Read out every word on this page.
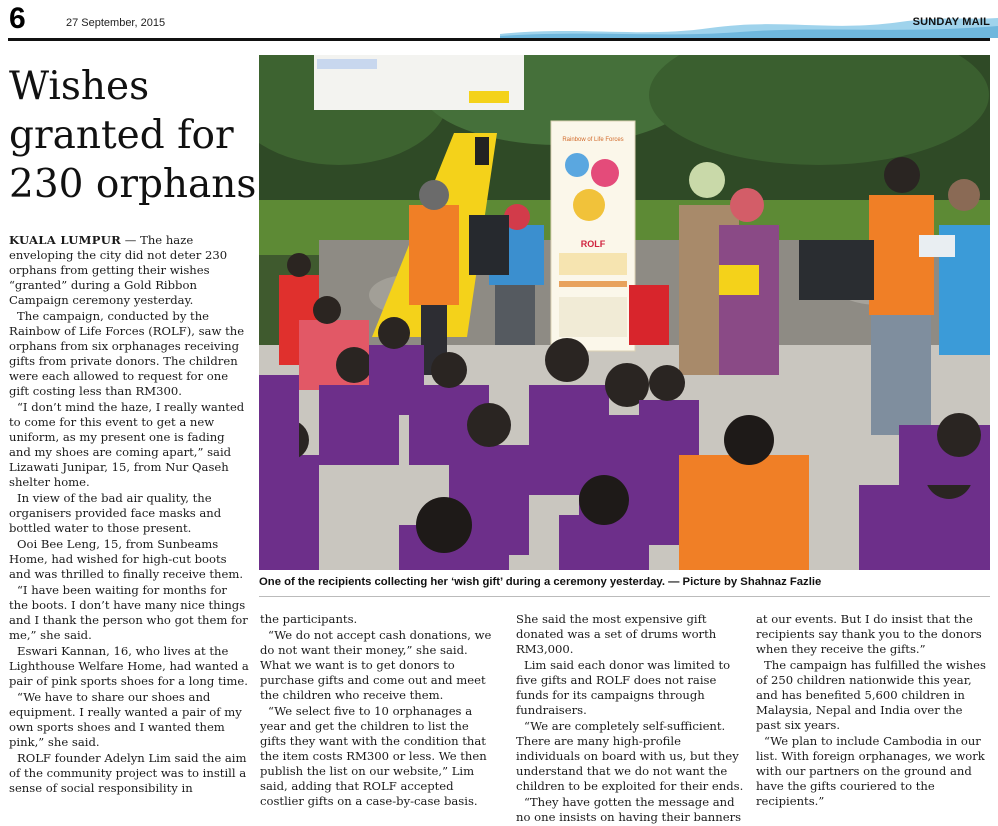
6	27 September, 2015	SUNDAY MAIL
Wishes
granted for
230 orphans

KUALA LUMPUR — The haze enveloping the city did not deter 230 orphans from getting their wishes “granted” during a Gold Ribbon Campaign ceremony yesterday.

The campaign, conducted by the Rainbow of Life Forces (ROLF), saw the orphans from six orphanages receiving gifts from private donors. The children were each allowed to request for one gift costing less than RM300.

“I don’t mind the haze, I really wanted to come for this event to get a new uniform, as my present one is fading and my shoes are coming apart,” said Lizawati Junipar, 15, from Nur Qaseh shelter home.

In view of the bad air quality, the organisers provided face masks and bottled water to those present.

Ooi Bee Leng, 15, from Sunbeams Home, had wished for high-cut boots and was thrilled to finally receive them.

“I have been waiting for months for the boots. I don’t have many nice things and I thank the person who got them for me,” she said.

Eswari Kannan, 16, who lives at the Lighthouse Welfare Home, had wanted a pair of pink sports shoes for a long time.

“We have to share our shoes and equipment. I really wanted a pair of my own sports shoes and I wanted them pink,” she said.

ROLF founder Adelyn Lim said the aim of the community project was to instill a sense of social responsibility in

Rainbow of Life Forces
ROLF
One of the recipients collecting her ‘wish gift’ during a ceremony yesterday. — Picture by Shahnaz Fazlie

the participants.

“We do not accept cash donations, we do not want their money,” she said. What we want is to get donors to purchase gifts and come out and meet the children who receive them.

“We select five to 10 orphanages a year and get the children to list the gifts they want with the condition that the item costs RM300 or less. We then publish the list on our website,” Lim said, adding that ROLF accepted costlier gifts on a case-by-case basis.

She said the most expensive gift donated was a set of drums worth RM3,000.

Lim said each donor was limited to five gifts and ROLF does not raise funds for its campaigns through fundraisers.

“We are completely self-sufficient. There are many high-profile individuals on board with us, but they understand that we do not want the children to be exploited for their ends.

“They have gotten the message and no one insists on having their banners

at our events. But I do insist that the recipients say thank you to the donors when they receive the gifts.”

The campaign has fulfilled the wishes of 250 children nationwide this year, and has benefited 5,600 children in Malaysia, Nepal and India over the past six years.

“We plan to include Cambodia in our list. With foreign orphanages, we work with our partners on the ground and have the gifts couriered to the recipients.”
